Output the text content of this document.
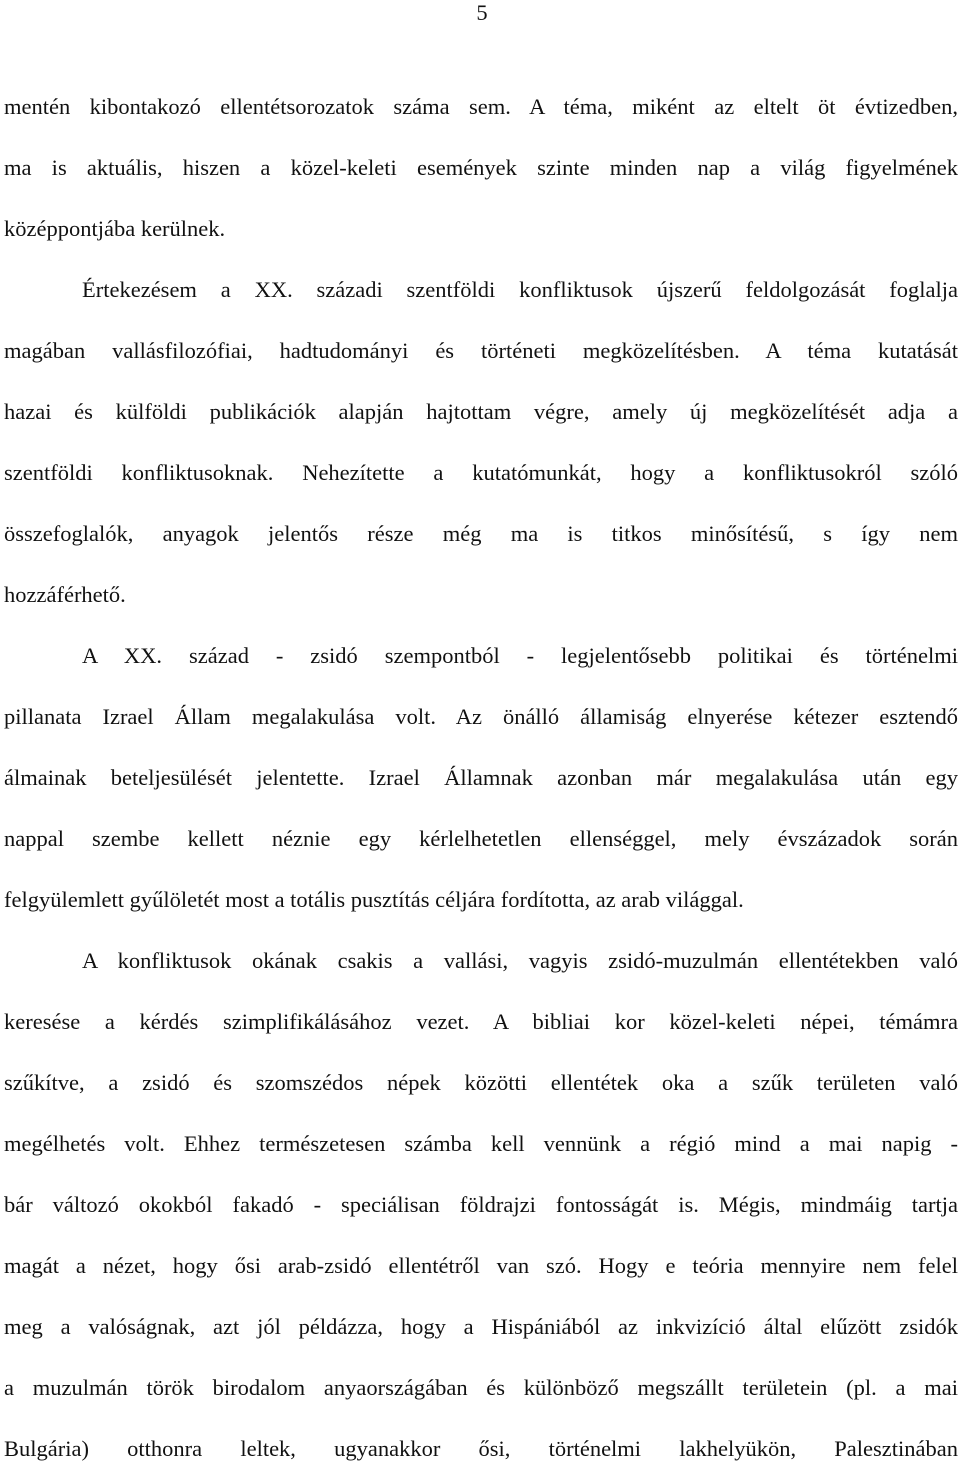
5
mentén kibontakozó ellentétsorozatok száma sem. A téma, miként az eltelt öt évtizedben,
ma is aktuális, hiszen a közel-keleti események szinte minden nap a világ figyelmének
középpontjába kerülnek.
Értekezésem a XX. századi szentföldi konfliktusok újszerű feldolgozását foglalja
magában vallásfilozófiai, hadtudományi és történeti megközelítésben. A téma kutatását
hazai és külföldi publikációk alapján hajtottam végre, amely új megközelítését adja a
szentföldi konfliktusoknak. Nehezítette a kutatómunkát, hogy a konfliktusokról szóló
összefoglalók, anyagok jelentős része még ma is titkos minősítésű, s így nem
hozzáférhető.
A XX. század - zsidó szempontból - legjelentősebb politikai és történelmi
pillanata Izrael Állam megalakulása volt. Az önálló államiság elnyerése kétezer esztendő
álmainak beteljesülését jelentette. Izrael Államnak azonban már megalakulása után egy
nappal szembe kellett néznie egy kérlelhetetlen ellenséggel, mely évszázadok során
felgyülemlett gyűlöletét most a totális pusztítás céljára fordította, az arab világgal.
A konfliktusok okának csakis a vallási, vagyis zsidó-muzulmán ellentétekben való
keresése a kérdés szimplifikálásához vezet. A bibliai kor közel-keleti népei, témámra
szűkítve, a zsidó és szomszédos népek közötti ellentétek oka a szűk területen való
megélhetés volt. Ehhez természetesen számba kell vennünk a régió mind a mai napig -
bár változó okokból fakadó - speciálisan földrajzi fontosságát is. Mégis, mindmáig tartja
magát a nézet, hogy ősi arab-zsidó ellentétről van szó. Hogy e teória mennyire nem felel
meg a valóságnak, azt jól példázza, hogy a Hispániából az inkvizíció által elűzött zsidók
a muzulmán török birodalom anyaországában és különböző megszállt területein (pl. a mai
Bulgária) otthonra leltek, ugyanakkor ősi, történelmi lakhelyükön, Palesztinában
